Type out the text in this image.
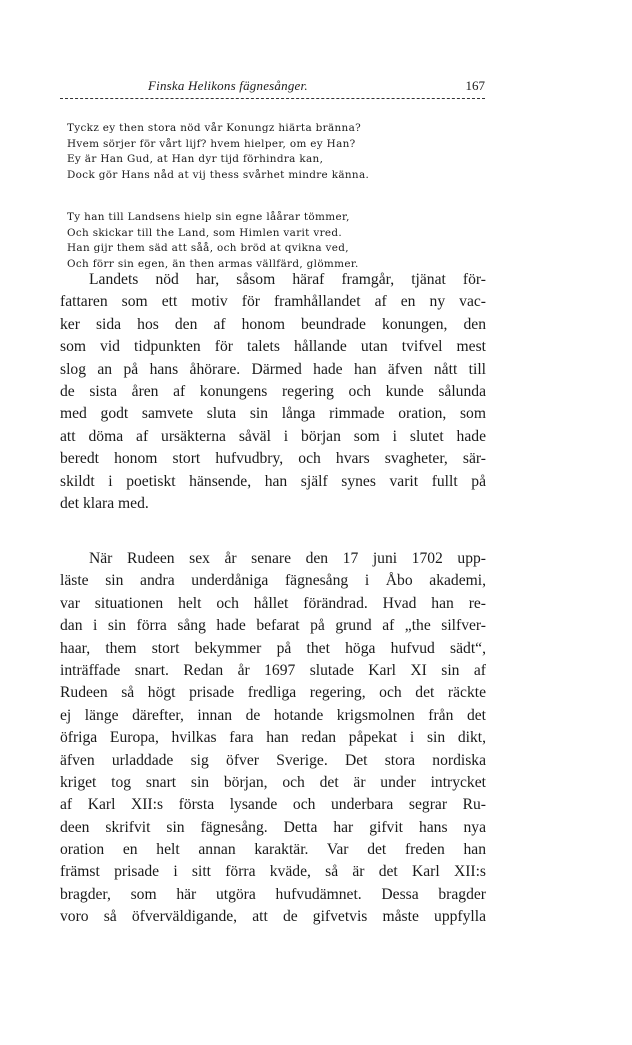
Finska Helikons fägnesånger.	167
Tyckz ey then stora nöd vår Konungz hiärta bränna?
Hvem sörjer för vårt lijf? hvem hielper, om ey Han?
Ey är Han Gud, at Han dyr tijd förhindra kan,
Dock gör Hans nåd at vij thess svårhet mindre känna.
Ty han till Landsens hielp sin egne låårar tömmer,
Och skickar till the Land, som Himlen varit vred.
Han gijr them säd att såå, och bröd at qvikna ved,
Och förr sin egen, än then armas vällfärd, glömmer.
Landets nöd har, såsom häraf framgår, tjänat för-
fattaren som ett motiv för framhållandet af en ny vac-
ker sida hos den af honom beundrade konungen, den
som vid tidpunkten för talets hållande utan tvifvel mest
slog an på hans åhörare. Därmed hade han äfven nått till
de sista åren af konungens regering och kunde sålunda
med godt samvete sluta sin långa rimmade oration, som
att döma af ursäkterna såväl i början som i slutet hade
beredt honom stort hufvudbry, och hvars svagheter, sär-
skildt i poetiskt hänsende, han själf synes varit fullt på
det klara med.
När Rudeen sex år senare den 17 juni 1702 upp-
läste sin andra underdåniga fägnesång i Åbo akademi,
var situationen helt och hållet förändrad. Hvad han re-
dan i sin förra sång hade befarat på grund af „the silfver-
haar, them stort bekymmer på thet höga hufvud sädt“,
inträffade snart. Redan år 1697 slutade Karl XI sin af
Rudeen så högt prisade fredliga regering, och det räckte
ej länge därefter, innan de hotande krigsmolnen från det
öfriga Europa, hvilkas fara han redan påpekat i sin dikt,
äfven urladdade sig öfver Sverige. Det stora nordiska
kriget tog snart sin början, och det är under intrycket
af Karl XII:s första lysande och underbara segrar Ru-
deen skrifvit sin fägnesång. Detta har gifvit hans nya
oration en helt annan karaktär. Var det freden han
främst prisade i sitt förra kväde, så är det Karl XII:s
bragder, som här utgöra hufvudämnet. Dessa bragder
voro så öfverväldigande, att de gifvetvis måste uppfylla
